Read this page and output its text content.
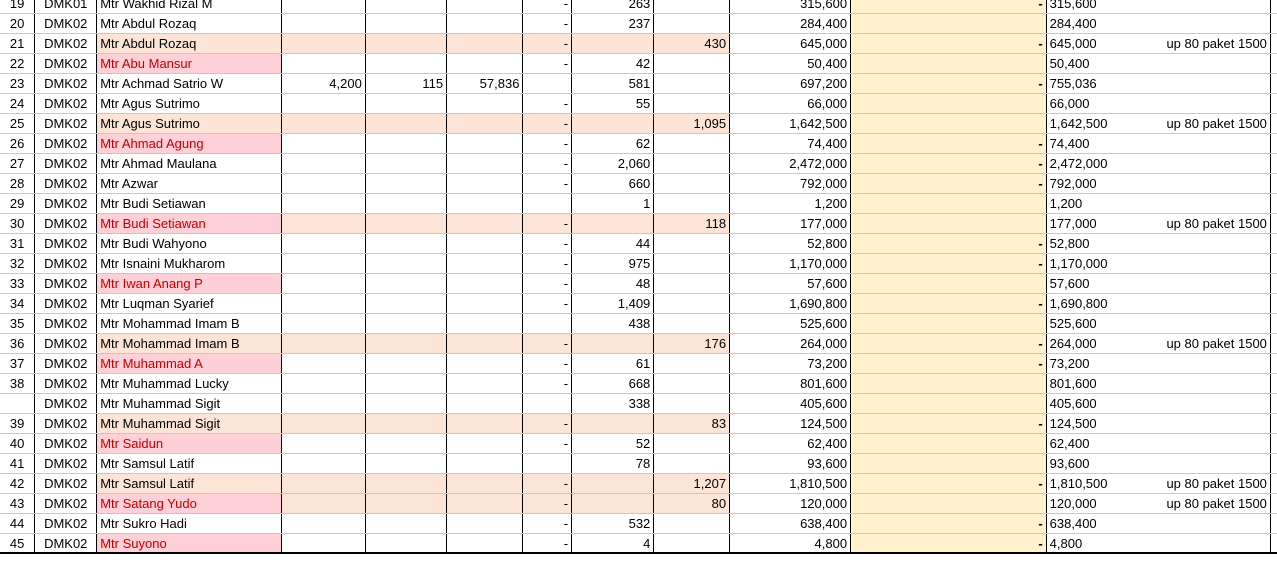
19	DMK01	Mtr Wakhid Rizal M				-	263		315,600	-	315,600		
20	DMK02	Mtr Abdul Rozaq				-	237		284,400		284,400		
21	DMK02	Mtr Abdul Rozaq				-		430	645,000	-	645,000	up 80 paket 1500	
22	DMK02	Mtr Abu Mansur				-	42		50,400		50,400		
23	DMK02	Mtr Achmad Satrio W	4,200	115	57,836		581		697,200	-	755,036		
24	DMK02	Mtr Agus Sutrimo				-	55		66,000		66,000		
25	DMK02	Mtr Agus Sutrimo				-		1,095	1,642,500		1,642,500	up 80 paket 1500	
26	DMK02	Mtr Ahmad Agung				-	62		74,400	-	74,400		
27	DMK02	Mtr Ahmad Maulana				-	2,060		2,472,000	-	2,472,000		
28	DMK02	Mtr Azwar				-	660		792,000	-	792,000		
29	DMK02	Mtr Budi Setiawan					1		1,200		1,200		
30	DMK02	Mtr Budi Setiawan				-		118	177,000		177,000	up 80 paket 1500	
31	DMK02	Mtr Budi Wahyono				-	44		52,800	-	52,800		
32	DMK02	Mtr Isnaini Mukharom				-	975		1,170,000	-	1,170,000		
33	DMK02	Mtr Iwan Anang P				-	48		57,600		57,600		
34	DMK02	Mtr Luqman Syarief				-	1,409		1,690,800	-	1,690,800		
35	DMK02	Mtr Mohammad Imam B					438		525,600		525,600		
36	DMK02	Mtr Mohammad Imam B				-		176	264,000	-	264,000	up 80 paket 1500	
37	DMK02	Mtr Muhammad A				-	61		73,200	-	73,200		
38	DMK02	Mtr Muhammad Lucky				-	668		801,600		801,600		
	DMK02	Mtr Muhammad Sigit					338		405,600		405,600		
39	DMK02	Mtr Muhammad Sigit				-		83	124,500	-	124,500		
40	DMK02	Mtr Saidun				-	52		62,400		62,400		
41	DMK02	Mtr Samsul Latif					78		93,600		93,600		
42	DMK02	Mtr Samsul Latif				-		1,207	1,810,500	-	1,810,500	up 80 paket 1500	
43	DMK02	Mtr Satang Yudo				-		80	120,000		120,000	up 80 paket 1500	
44	DMK02	Mtr Sukro Hadi				-	532		638,400	-	638,400		
45	DMK02	Mtr Suyono				-	4		4,800	-	4,800		
